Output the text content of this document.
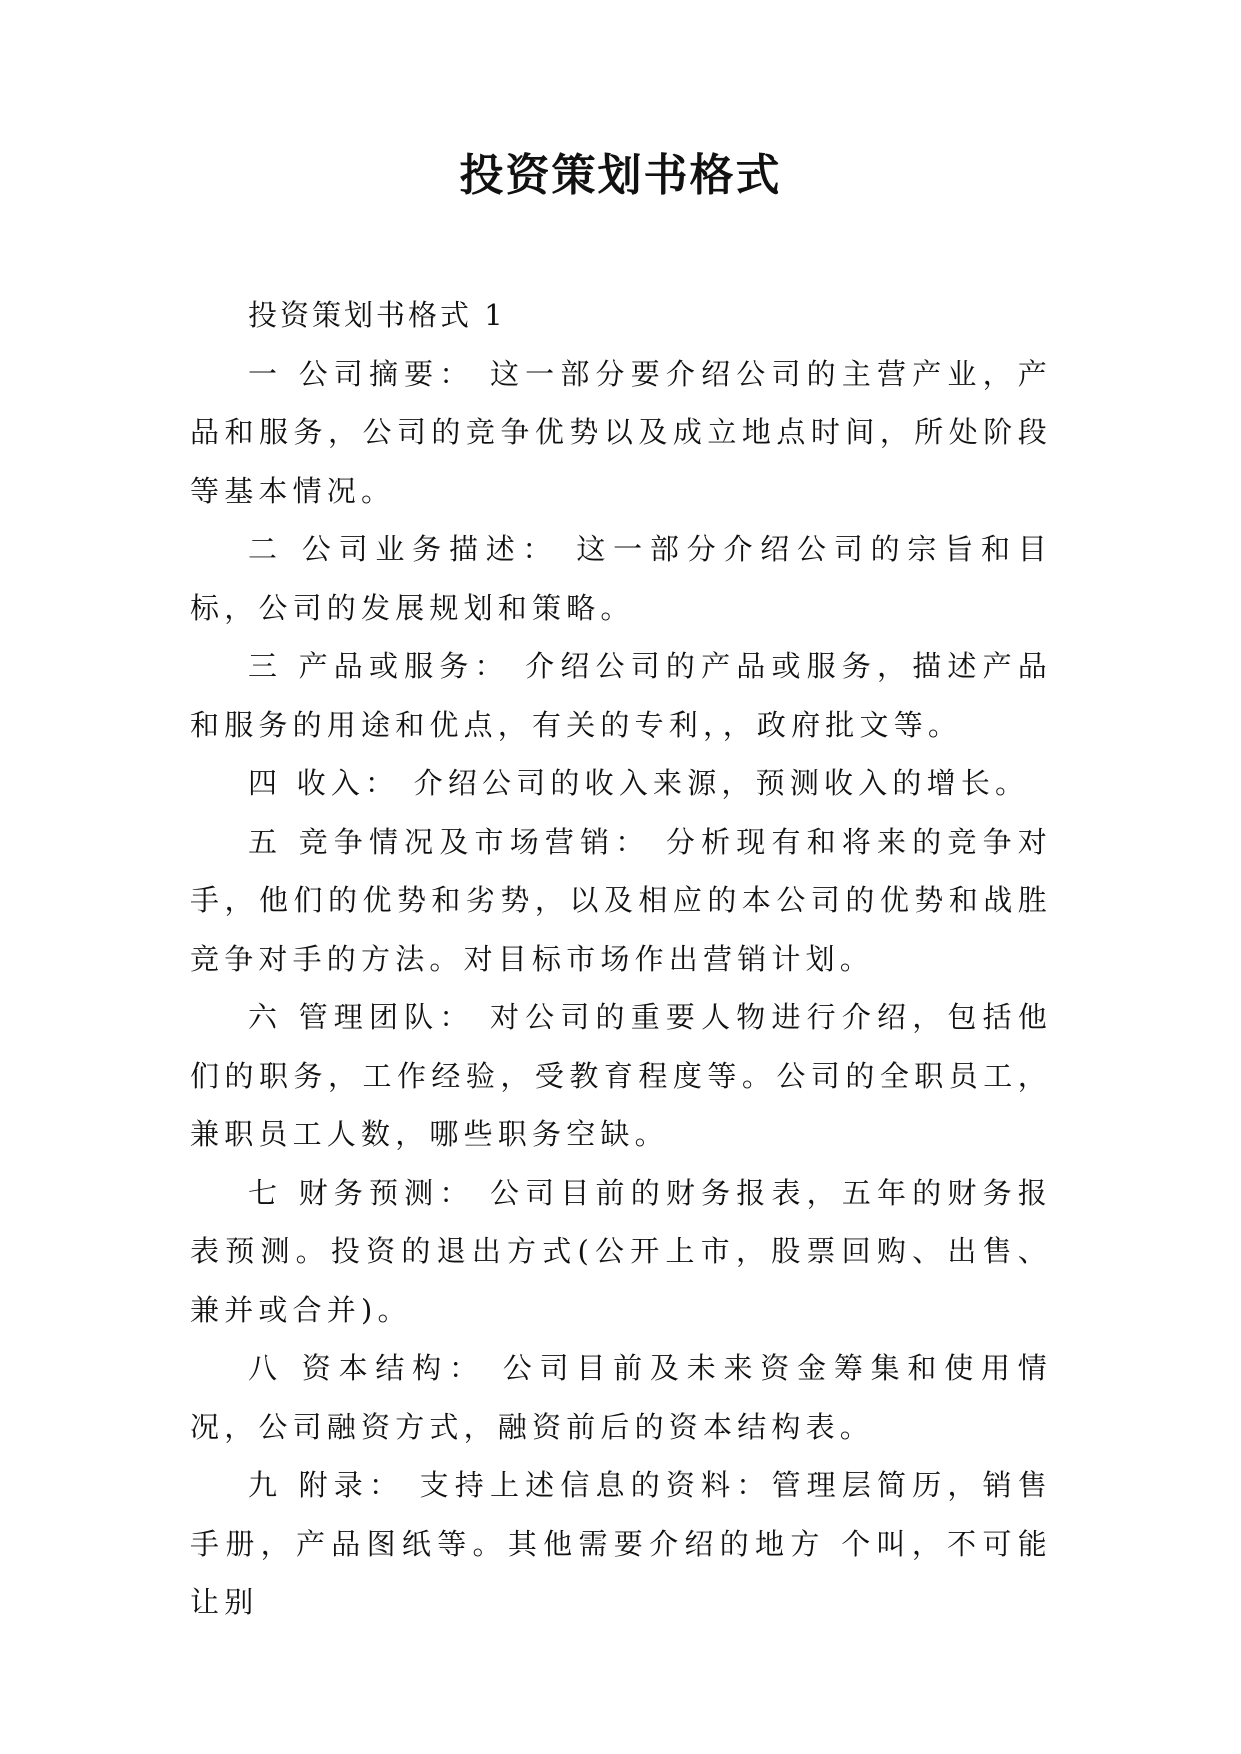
投资策划书格式

投资策划书格式 1

一 公司摘要： 这一部分要介绍公司的主营产业，产品和服务，公司的竞争优势以及成立地点时间，所处阶段等基本情况。

二 公司业务描述： 这一部分介绍公司的宗旨和目标，公司的发展规划和策略。

三 产品或服务： 介绍公司的产品或服务，描述产品和服务的用途和优点，有关的专利，，政府批文等。

四 收入： 介绍公司的收入来源，预测收入的增长。

五 竞争情况及市场营销： 分析现有和将来的竞争对手，他们的优势和劣势，以及相应的本公司的优势和战胜竞争对手的方法。对目标市场作出营销计划。

六 管理团队： 对公司的重要人物进行介绍，包括他们的职务，工作经验，受教育程度等。公司的全职员工，兼职员工人数，哪些职务空缺。

七 财务预测： 公司目前的财务报表，五年的财务报表预测。投资的退出方式(公开上市，股票回购、出售、兼并或合并)。

八 资本结构： 公司目前及未来资金筹集和使用情况，公司融资方式，融资前后的资本结构表。

九 附录： 支持上述信息的资料：管理层简历，销售手册，产品图纸等。其他需要介绍的地方 个叫，不可能让别
